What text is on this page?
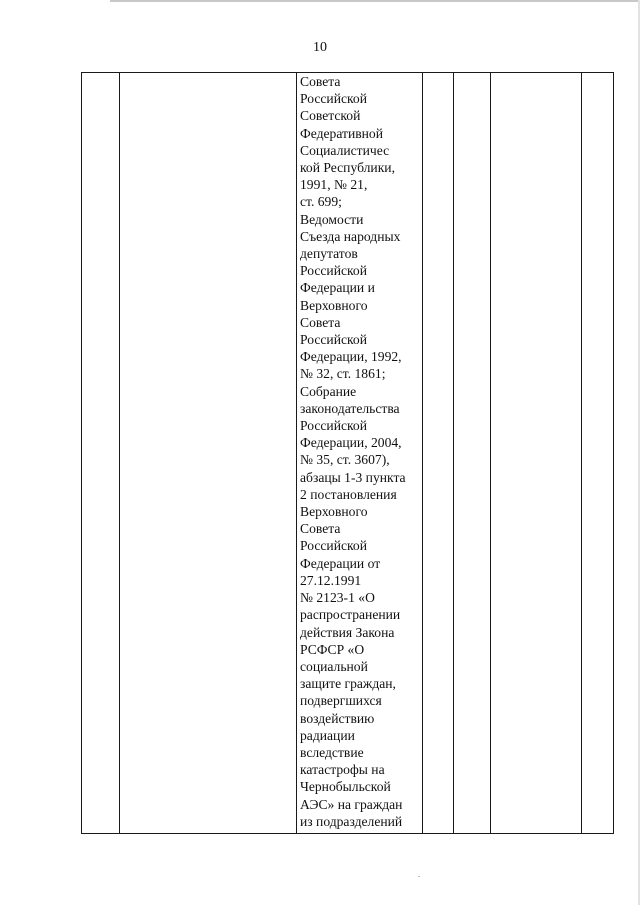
10

Совета
Российской
Советской
Федеративной
Социалистичес
кой Республики,
1991, № 21,
ст. 699;
Ведомости
Съезда народных
депутатов
Российской
Федерации и
Верховного
Совета
Российской
Федерации, 1992,
№ 32, ст. 1861;
Собрание
законодательства
Российской
Федерации, 2004,
№ 35, ст. 3607),
абзацы 1-3 пункта
2 постановления
Верховного
Совета
Российской
Федерации от
27.12.1991
№ 2123-1 «О
распространении
действия Закона
РСФСР «О
социальной
защите граждан,
подвергшихся
воздействию
радиации
вследствие
катастрофы на
Чернобыльской
АЭС» на граждан
из подразделений
